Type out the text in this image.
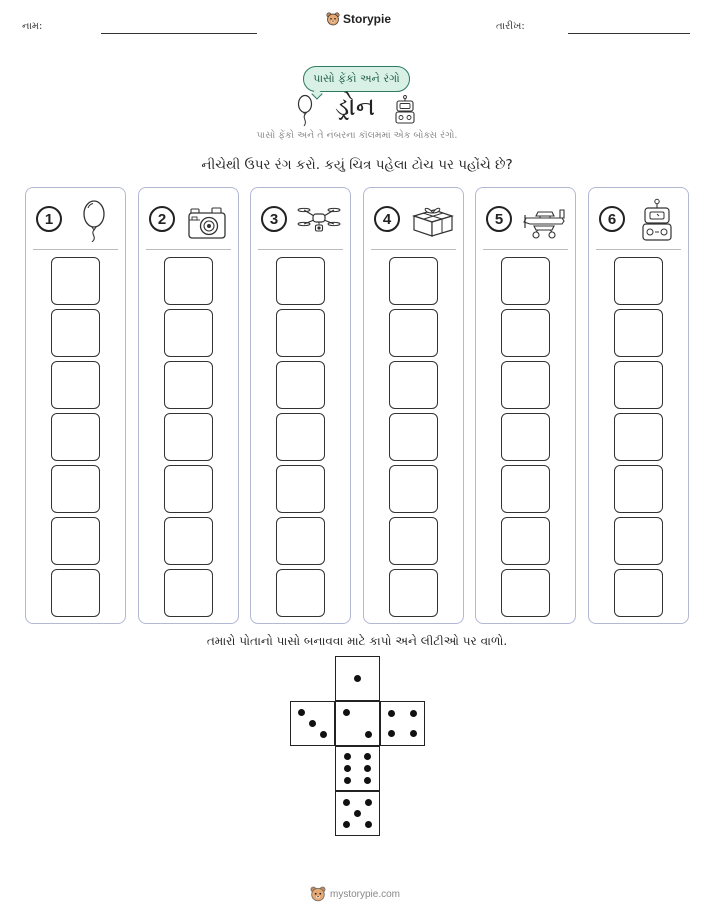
નામ:
Storypie
તારીખ:
પાસો ફેંકો અને રંગો
ડ્રોન
પાસો ફેંકો અને તે નંબરના કૉલમમાં એક બોક્સ રંગો.
નીચેથી ઉપર રંગ કરો. કયું ચિત્ર પહેલા ટોચ પર પહોંચે છે?
1	2	3	4	5	6
તમારો પોતાનો પાસો બનાવવા માટે કાપો અને લીટીઓ પર વાળો.
mystorypie.com
